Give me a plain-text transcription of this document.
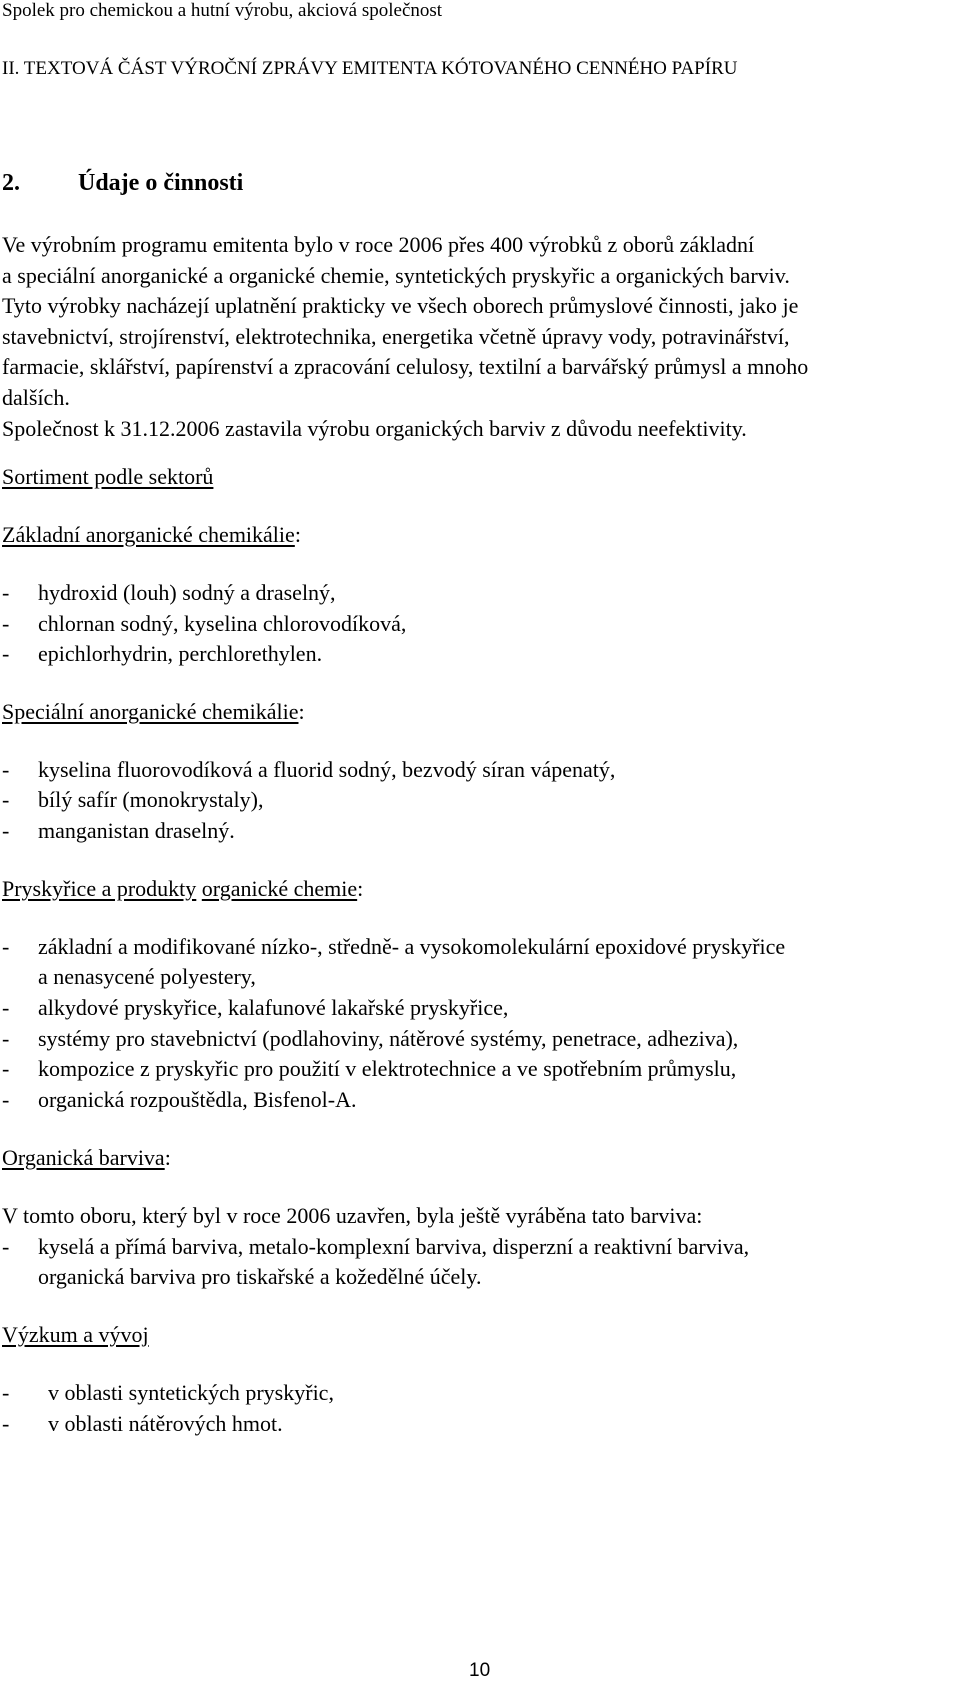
Spolek pro chemickou a hutní výrobu, akciová společnost
II. TEXTOVÁ ČÁST VÝROČNÍ ZPRÁVY EMITENTA KÓTOVANÉHO CENNÉHO PAPÍRU
2. Údaje o činnosti
Ve výrobním programu emitenta bylo v roce 2006 přes 400 výrobků z oborů základní
a speciální anorganické a organické chemie, syntetických pryskyřic a organických barviv.
Tyto výrobky nacházejí uplatnění prakticky ve všech oborech průmyslové činnosti, jako je
stavebnictví, strojírenství, elektrotechnika, energetika včetně úpravy vody, potravinářství,
farmacie, sklářství, papírenství a zpracování celulosy, textilní a barvářský průmysl a mnoho
dalších.
Společnost k 31.12.2006 zastavila výrobu organických barviv z důvodu neefektivity.
Sortiment podle sektorů
Základní anorganické chemikálie:
- hydroxid (louh) sodný a draselný,
- chlornan sodný, kyselina chlorovodíková,
- epichlorhydrin, perchlorethylen.
Speciální anorganické chemikálie:
- kyselina fluorovodíková a fluorid sodný, bezvodý síran vápenatý,
- bílý safír (monokrystaly),
- manganistan draselný.
Pryskyřice a produkty organické chemie:
- základní a modifikované nízko-, středně- a vysokomolekulární epoxidové pryskyřice
a nenasycené polyestery,
- alkydové pryskyřice, kalafunové lakařské pryskyřice,
- systémy pro stavebnictví (podlahoviny, nátěrové systémy, penetrace, adheziva),
- kompozice z pryskyřic pro použití v elektrotechnice a ve spotřebním průmyslu,
- organická rozpouštědla, Bisfenol-A.
Organická barviva:
V tomto oboru, který byl v roce 2006 uzavřen, byla ještě vyráběna tato barviva:
- kyselá a přímá barviva, metalo-komplexní barviva, disperzní a reaktivní barviva,
organická barviva pro tiskařské a kožedělné účely.
Výzkum a vývoj
- v oblasti syntetických pryskyřic,
- v oblasti nátěrových hmot.
10
